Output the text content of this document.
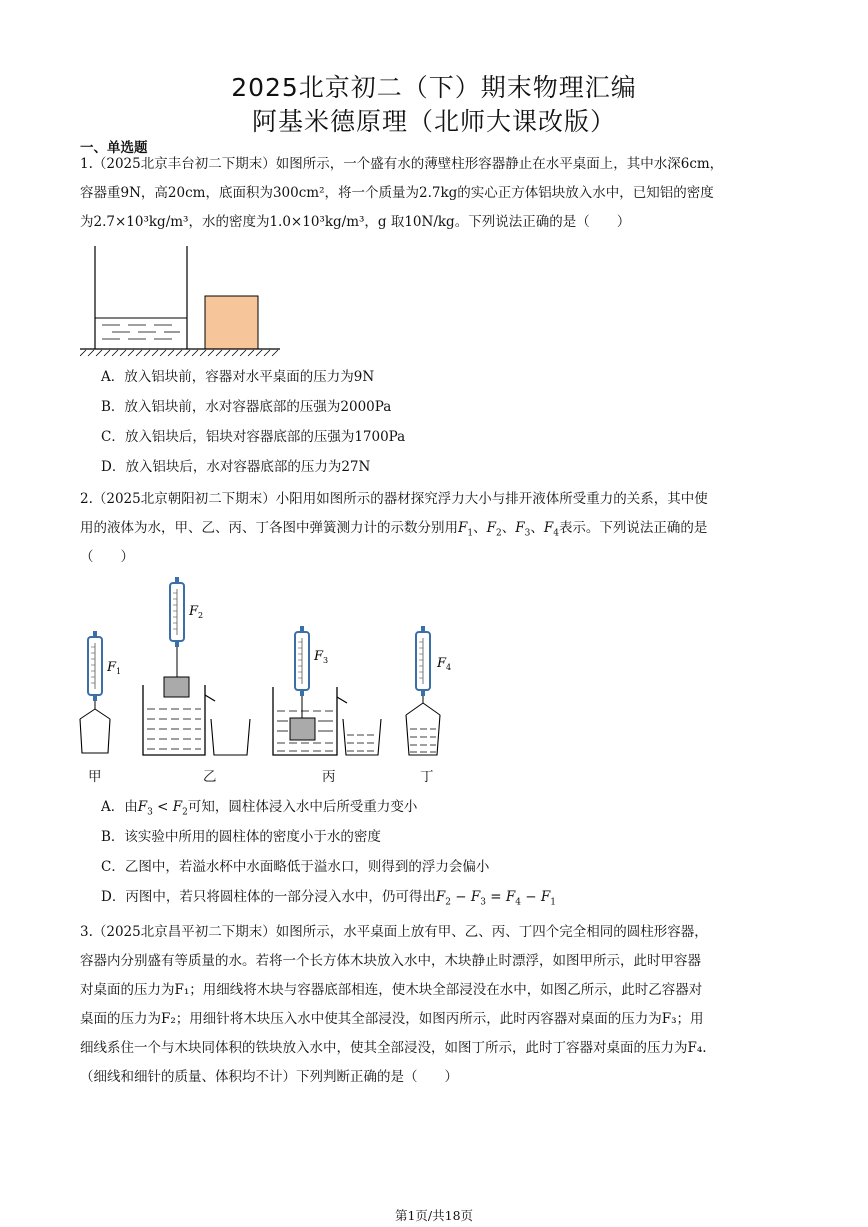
2025北京初二（下）期末物理汇编
阿基米德原理（北师大课改版）
一、单选题
1.（2025北京丰台初二下期末）如图所示，一个盛有水的薄壁柱形容器静止在水平桌面上，其中水深6cm，
容器重9N，高20cm，底面积为300cm²，将一个质量为2.7kg的实心正方体铝块放入水中，已知铝的密度
为2.7×10³kg/m³，水的密度为1.0×10³kg/m³，g 取10N/kg。下列说法正确的是（　　）
A．放入铝块前，容器对水平桌面的压力为9N
B．放入铝块前，水对容器底部的压强为2000Pa
C．放入铝块后，铝块对容器底部的压强为1700Pa
D．放入铝块后，水对容器底部的压力为27N
2.（2025北京朝阳初二下期末）小阳用如图所示的器材探究浮力大小与排开液体所受重力的关系，其中使
用的液体为水，甲、乙、丙、丁各图中弹簧测力计的示数分别用$F_1$、$F_2$、$F_3$、$F_4$表示。下列说法正确的是
（　　）
F 1
F 2
F 3	F 4
甲	乙	丙	丁
A．由$F_3 < F_2$可知，圆柱体浸入水中后所受重力变小
B．该实验中所用的圆柱体的密度小于水的密度
C．乙图中，若溢水杯中水面略低于溢水口，则得到的浮力会偏小
D．丙图中，若只将圆柱体的一部分浸入水中，仍可得出$F_2 - F_3 = F_4 - F_1$
3.（2025北京昌平初二下期末）如图所示，水平桌面上放有甲、乙、丙、丁四个完全相同的圆柱形容器，
容器内分别盛有等质量的水。若将一个长方体木块放入水中，木块静止时漂浮，如图甲所示，此时甲容器
对桌面的压力为F₁；用细线将木块与容器底部相连，使木块全部浸没在水中，如图乙所示，此时乙容器对
桌面的压力为F₂；用细针将木块压入水中使其全部浸没，如图丙所示，此时丙容器对桌面的压力为F₃；用
细线系住一个与木块同体积的铁块放入水中，使其全部浸没，如图丁所示，此时丁容器对桌面的压力为F₄.
（细线和细针的质量、体积均不计）下列判断正确的是（　　）
第1页/共18页
